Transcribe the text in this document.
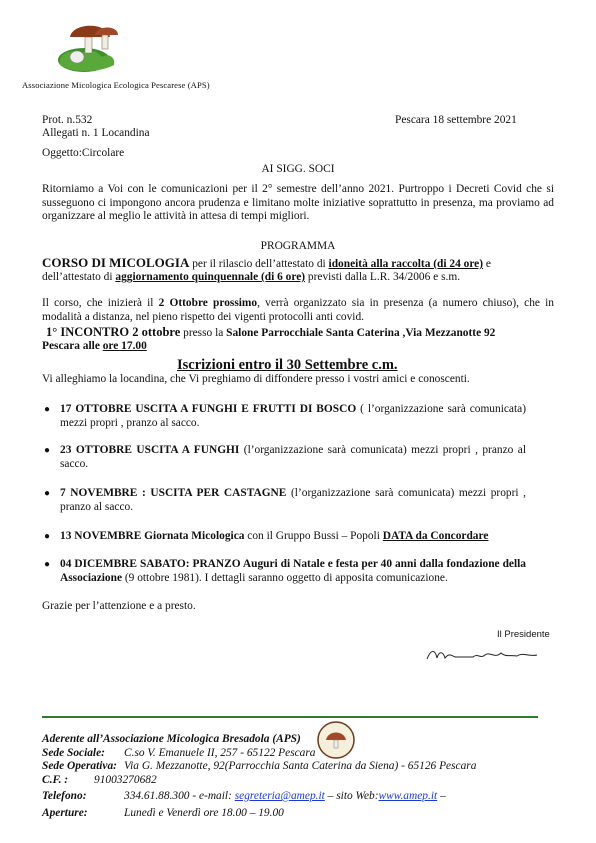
Associazione Micologica Ecologica Pescarese (APS)
Prot. n.532
Allegati n. 1 Locandina
Pescara 18 settembre 2021
Oggetto:Circolare
AI SIGG. SOCI
Ritorniamo a Voi con le comunicazioni per il 2° semestre dell’anno 2021. Purtroppo i Decreti Covid che si susseguono ci impongono ancora prudenza e limitano molte iniziative soprattutto in presenza, ma proviamo ad organizzare al meglio le attività in attesa di tempi migliori.
PROGRAMMA
CORSO DI MICOLOGIA per il rilascio dell’attestato di idoneità alla raccolta (di 24 ore) e
dell’attestato di aggiornamento quinquennale (di 6 ore) previsti dalla L.R. 34/2006 e s.m.
Il corso, che inizierà il 2 Ottobre prossimo, verrà organizzato sia in presenza (a numero chiuso), che in modalità a distanza, nel pieno rispetto dei vigenti protocolli anti covid.
1° INCONTRO 2 ottobre presso la Salone Parrocchiale Santa Caterina ,Via Mezzanotte 92
Pescara alle ore 17.00
Iscrizioni entro il 30 Settembre c.m.
Vi alleghiamo la locandina, che Vi preghiamo di diffondere presso i vostri amici e conoscenti.
● 17 OTTOBRE USCITA A FUNGHI E FRUTTI DI BOSCO ( l’organizzazione sarà comunicata) mezzi propri , pranzo al sacco.
● 23 OTTOBRE USCITA A FUNGHI (l’organizzazione sarà comunicata) mezzi propri , pranzo al sacco.
● 7 NOVEMBRE : USCITA PER CASTAGNE (l’organizzazione sarà comunicata) mezzi propri , pranzo al sacco.
● 13 NOVEMBRE Giornata Micologica con il Gruppo Bussi – Popoli DATA da Concordare
● 04 DICEMBRE SABATO: PRANZO Auguri di Natale e festa per 40 anni dalla fondazione della Associazione (9 ottobre 1981). I dettagli saranno oggetto di apposita comunicazione.
Grazie per l’attenzione e a presto.
Il Presidente
Aderente all’Associazione Micologica Bresadola (APS)
Sede Sociale: C.so V. Emanuele II, 257 - 65122 Pescara
Sede Operativa: Via G. Mezzanotte, 92(Parrocchia Santa Caterina da Siena) - 65126 Pescara
C.F. : 91003270682
Telefono:	334.61.88.300 - e-mail: segreteria@amep.it – sito Web:www.amep.it –
Aperture:	Lunedì e Venerdì ore 18.00 – 19.00
